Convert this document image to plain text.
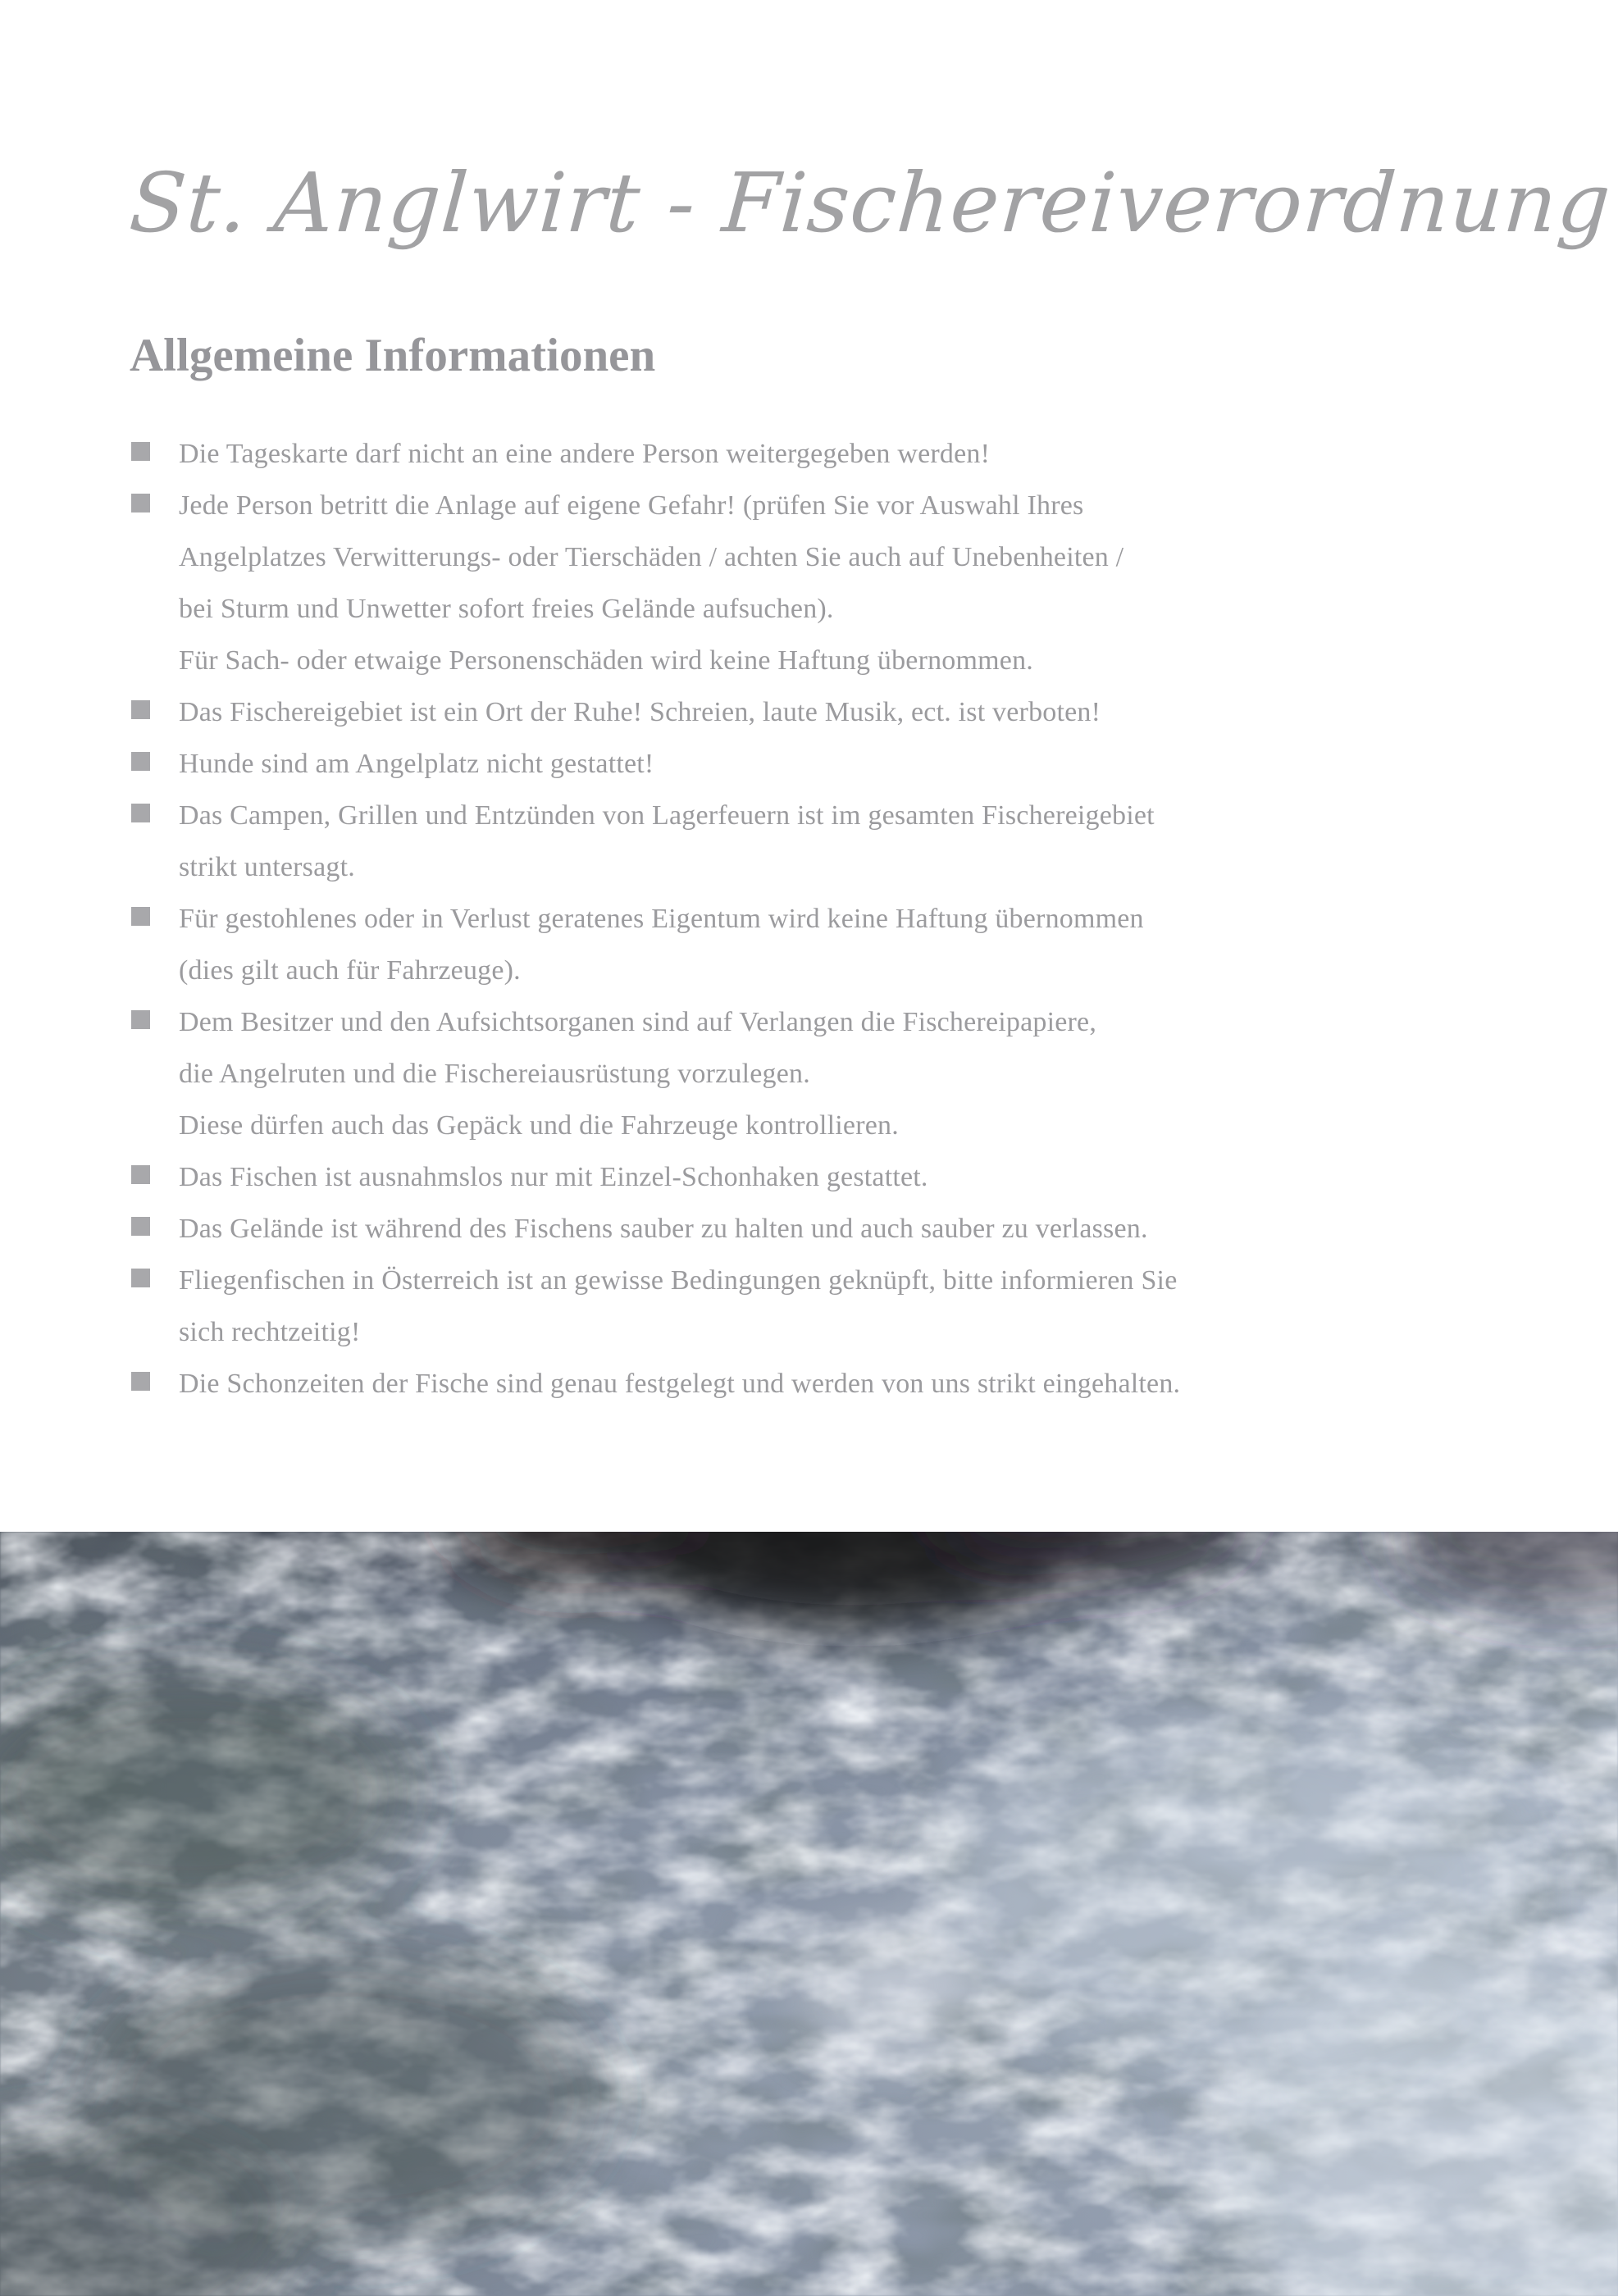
St. Anglwirt - Fischereiverordnung
Allgemeine Informationen
Die Tageskarte darf nicht an eine andere Person weitergegeben werden!
Jede Person betritt die Anlage auf eigene Gefahr! (prüfen Sie vor Auswahl Ihres
Angelplatzes Verwitterungs- oder Tierschäden / achten Sie auch auf Unebenheiten /
bei Sturm und Unwetter sofort freies Gelände aufsuchen).
Für Sach- oder etwaige Personenschäden wird keine Haftung übernommen.
Das Fischereigebiet ist ein Ort der Ruhe! Schreien, laute Musik, ect. ist verboten!
Hunde sind am Angelplatz nicht gestattet!
Das Campen, Grillen und Entzünden von Lagerfeuern ist im gesamten Fischereigebiet
strikt untersagt.
Für gestohlenes oder in Verlust geratenes Eigentum wird keine Haftung übernommen
(dies gilt auch für Fahrzeuge).
Dem Besitzer und den Aufsichtsorganen sind auf Verlangen die Fischereipapiere,
die Angelruten und die Fischereiausrüstung vorzulegen.
Diese dürfen auch das Gepäck und die Fahrzeuge kontrollieren.
Das Fischen ist ausnahmslos nur mit Einzel-Schonhaken gestattet.
Das Gelände ist während des Fischens sauber zu halten und auch sauber zu verlassen.
Fliegenfischen in Österreich ist an gewisse Bedingungen geknüpft, bitte informieren Sie
sich rechtzeitig!
Die Schonzeiten der Fische sind genau festgelegt und werden von uns strikt eingehalten.
